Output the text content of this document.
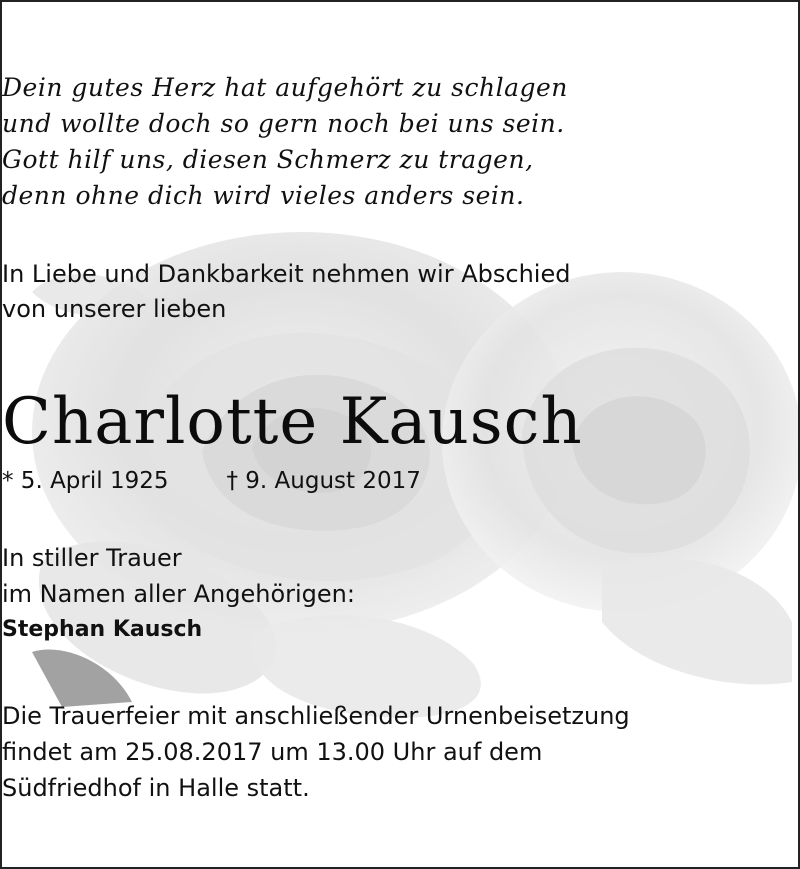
Dein gutes Herz hat aufgehört zu schlagen
und wollte doch so gern noch bei uns sein.
Gott hilf uns, diesen Schmerz zu tragen,
denn ohne dich wird vieles anders sein.
In Liebe und Dankbarkeit nehmen wir Abschied
von unserer lieben
Charlotte Kausch
* 5. April 1925	† 9. August 2017
In stiller Trauer
im Namen aller Angehörigen:
Stephan Kausch
Die Trauerfeier mit anschließender Urnenbeisetzung
findet am 25.08.2017 um 13.00 Uhr auf dem
Südfriedhof in Halle statt.
